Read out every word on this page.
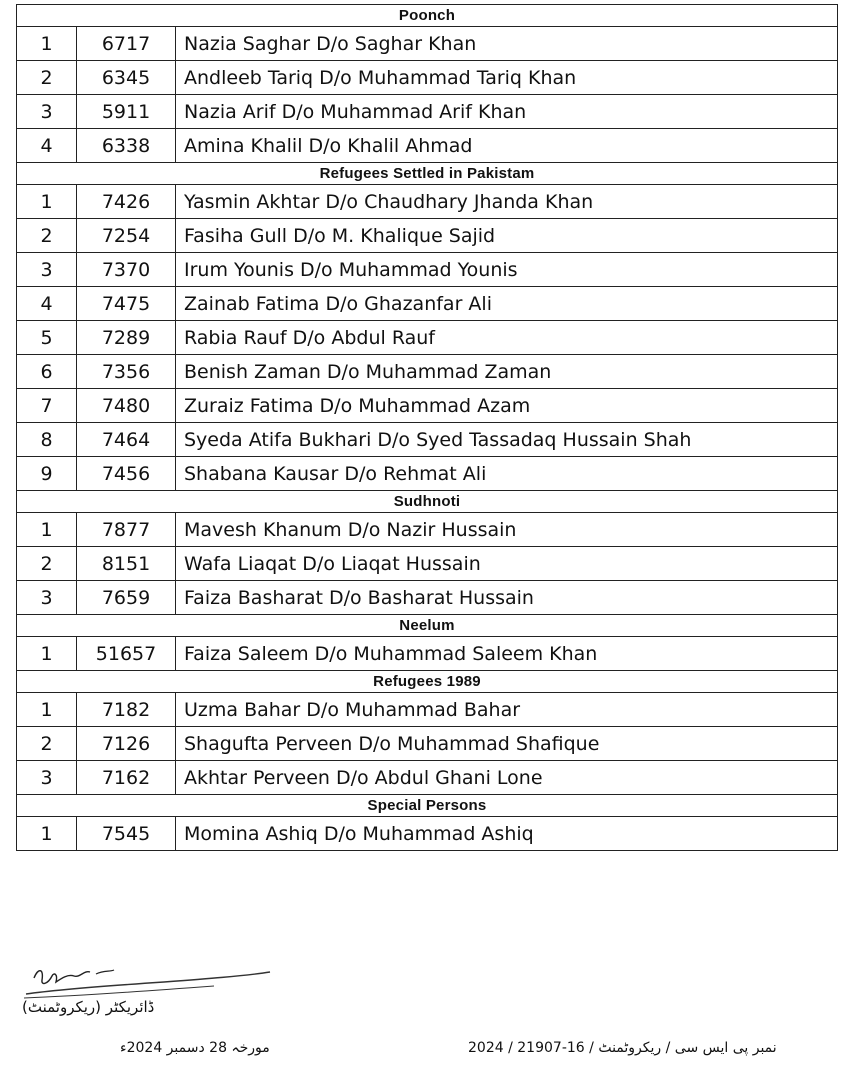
Poonch		
1	6717	Nazia Saghar D/o Saghar Khan
2	6345	Andleeb Tariq D/o Muhammad Tariq Khan
3	5911	Nazia Arif D/o Muhammad Arif Khan
4	6338	Amina Khalil D/o Khalil Ahmad
Refugees Settled in Pakistam		
1	7426	Yasmin Akhtar D/o Chaudhary Jhanda Khan
2	7254	Fasiha Gull D/o M. Khalique Sajid
3	7370	Irum Younis D/o Muhammad Younis
4	7475	Zainab Fatima D/o Ghazanfar Ali
5	7289	Rabia Rauf D/o Abdul Rauf
6	7356	Benish Zaman D/o Muhammad Zaman
7	7480	Zuraiz Fatima D/o Muhammad Azam
8	7464	Syeda Atifa Bukhari D/o Syed Tassadaq Hussain Shah
9	7456	Shabana Kausar D/o Rehmat Ali
Sudhnoti		
1	7877	Mavesh Khanum D/o Nazir Hussain
2	8151	Wafa Liaqat D/o Liaqat Hussain
3	7659	Faiza Basharat D/o Basharat Hussain
Neelum		
1	51657	Faiza Saleem D/o Muhammad Saleem Khan
Refugees 1989		
1	7182	Uzma Bahar D/o Muhammad Bahar
2	7126	Shagufta Perveen D/o Muhammad Shafique
3	7162	Akhtar Perveen D/o Abdul Ghani Lone
Special Persons		
1	7545	Momina Ashiq D/o Muhammad Ashiq
ڈائریکٹر (ریکروٹمنٹ)
مورخہ 28 دسمبر 2024ء	نمبر پی ایس سی / ریکروٹمنٹ / 16-21907 / 2024
